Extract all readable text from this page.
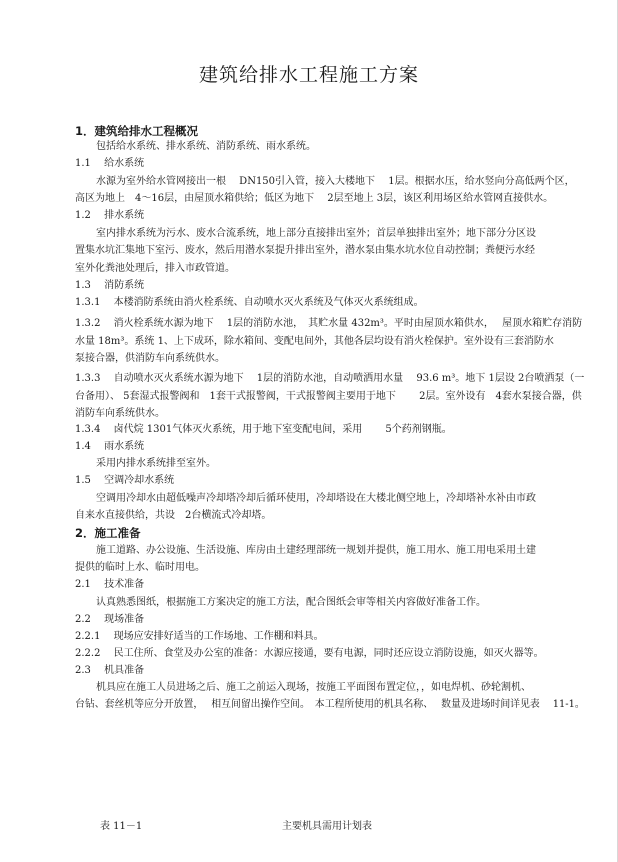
建筑给排水工程施工方案
1．建筑给排水工程概况
包括给水系统、排水系统、消防系统、雨水系统。
1.1　 给水系统
水源为室外给水管网接出一根　 DN150引入管，接入大楼地下　 1层。根据水压，给水竖向分高低两个区，
高区为地上　4～16层，由屋顶水箱供给；低区为地下　 2层至地上 3层，该区利用场区给水管网直接供水。
1.2　 排水系统
室内排水系统为污水、废水合流系统，地上部分直接排出室外；首层单独排出室外；地下部分分区设
置集水坑汇集地下室污、废水，然后用潜水泵提升排出室外，潜水泵由集水坑水位自动控制；粪便污水经
室外化粪池处理后，排入市政管道。
1.3　 消防系统
1.3.1　 本楼消防系统由消火栓系统、自动喷水灭火系统及气体灭火系统组成。
1.3.2　 消火栓系统水源为地下　 1层的消防水池，　其贮水量 432m³。平时由屋顶水箱供水，　 屋顶水箱贮存消防
水量 18m³。系统 1、上下成环，除水箱间、变配电间外，其他各层均设有消火栓保护。室外设有三套消防水
泵接合器，供消防车向系统供水。
1.3.3　 自动喷水灭火系统水源为地下　 1层的消防水池，自动喷洒用水量　 93.6 m³。地下 1层设 2台喷洒泵（一
台备用）、 5套湿式报警阀和　1套干式报警阀，干式报警阀主要用于地下　　 2层。室外设有　4套水泵接合器，供
消防车向系统供水。
1.3.4　 卤代烷 1301气体灭火系统，用于地下室变配电间，采用　　 5个药剂钢瓶。
1.4　 雨水系统
采用内排水系统排至室外。
1.5　 空调冷却水系统
空调用冷却水由超低噪声冷却塔冷却后循环使用，冷却塔设在大楼北侧空地上，冷却塔补水补由市政
自来水直接供给，共设　2台横流式冷却塔。
2．施工准备
施工道路、办公设施、生活设施、库房由土建经理部统一规划并提供，施工用水、施工用电采用土建
提供的临时上水、临时用电。
2.1　 技术准备
认真熟悉图纸，根据施工方案决定的施工方法，配合图纸会审等相关内容做好准备工作。
2.2　 现场准备
2.2.1　 现场应安排好适当的工作场地、工作棚和料具。
2.2.2　 民工住所、食堂及办公室的准备：水源应接通，要有电源，同时还应设立消防设施，如灭火器等。
2.3　 机具准备
机具应在施工人员进场之后、施工之前运入现场，按施工平面图布置定位，，如电焊机、砂轮割机、
台钻、套丝机等应分开放置，　 相互间留出操作空间。　本工程所使用的机具名称、　 数量及进场时间详见表　 11-1。
表 11－1	主要机具需用计划表
